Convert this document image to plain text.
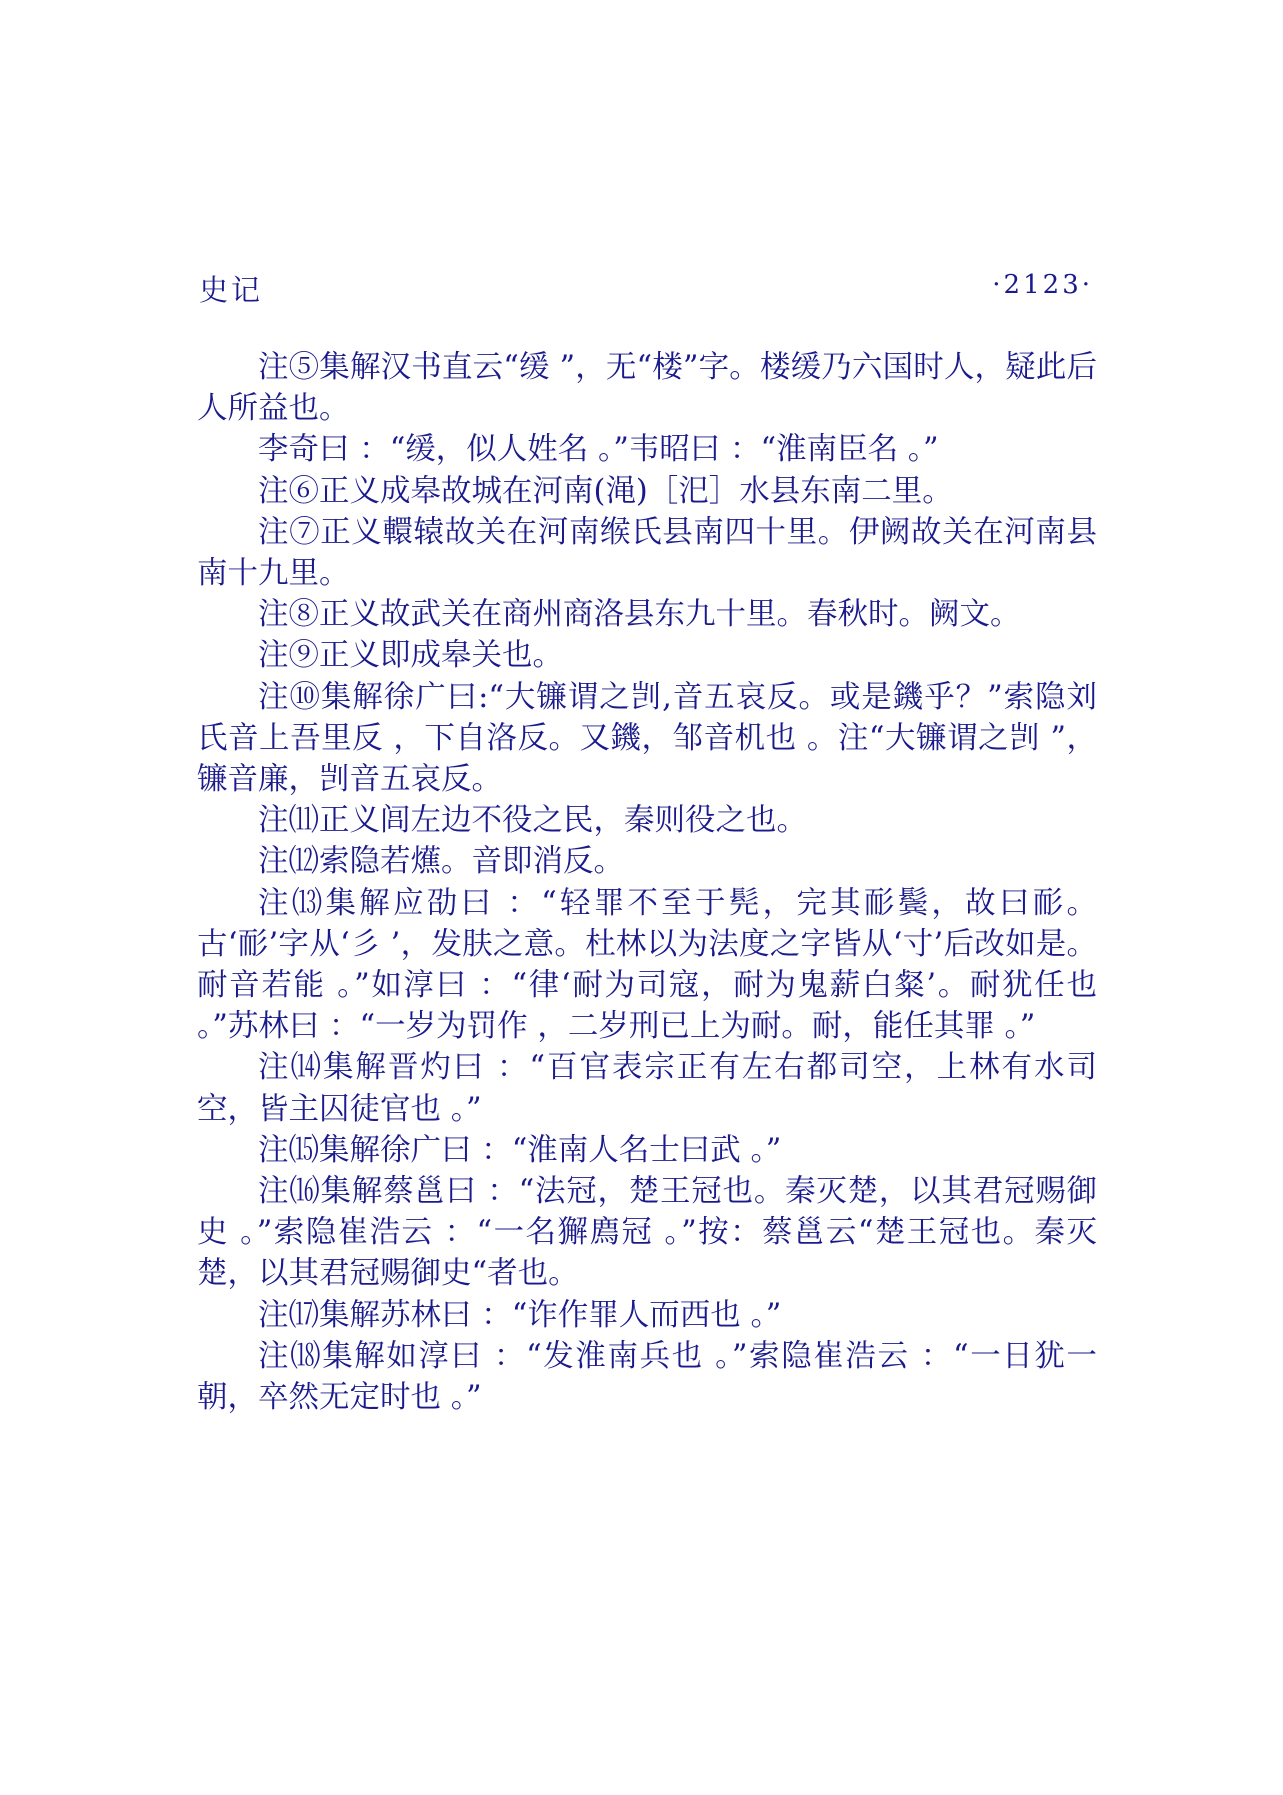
史记	·2123·

注⑤集解汉书直云“缓 ”，无“楼”字。楼缓乃六国时人，疑此后人所益也。

李奇曰 ：“缓，似人姓名 。”韦昭曰 ：“淮南臣名 。”

注⑥正义成皋故城在河南(渑)［汜］水县东南二里。

注⑦正义轘辕故关在河南缑氏县南四十里。伊阙故关在河南县南十九里。

注⑧正义故武关在商州商洛县东九十里。春秋时。阙文。

注⑨正义即成皋关也。

注⑩集解徐广曰:“大镰谓之剀,音五哀反。或是鐖乎？”索隐刘氏音上吾里反 ，下自洛反。又鐖，邹音机也 。注“大镰谓之剀 ”，镰音廉，剀音五哀反。

注⑾正义闾左边不役之民，秦则役之也。

注⑿索隐若爑。音即消反。

注⒀集解应劭曰 ：“轻罪不至于髡，完其耏鬓，故曰耏。古‘耏’字从‘彡 ’，发肤之意。杜林以为法度之字皆从‘寸’后改如是。耐音若能 。”如淳曰 ：“律‘耐为司寇，耐为鬼薪白粲’。耐犹任也 。”苏林曰 ：“一岁为罚作 ，二岁刑已上为耐。耐，能任其罪 。”

注⒁集解晋灼曰 ：“百官表宗正有左右都司空，上林有水司空，皆主囚徒官也 。”

注⒂集解徐广曰 ：“淮南人名士曰武 。”

注⒃集解蔡邕曰 ：“法冠，楚王冠也。秦灭楚，以其君冠赐御史 。”索隐崔浩云 ：“一名獬廌冠 。”按：蔡邕云“楚王冠也。秦灭楚，以其君冠赐御史“者也。

注⒄集解苏林曰 ：“诈作罪人而西也 。”

注⒅集解如淳曰 ：“发淮南兵也 。”索隐崔浩云 ：“一日犹一朝，卒然无定时也 。”
